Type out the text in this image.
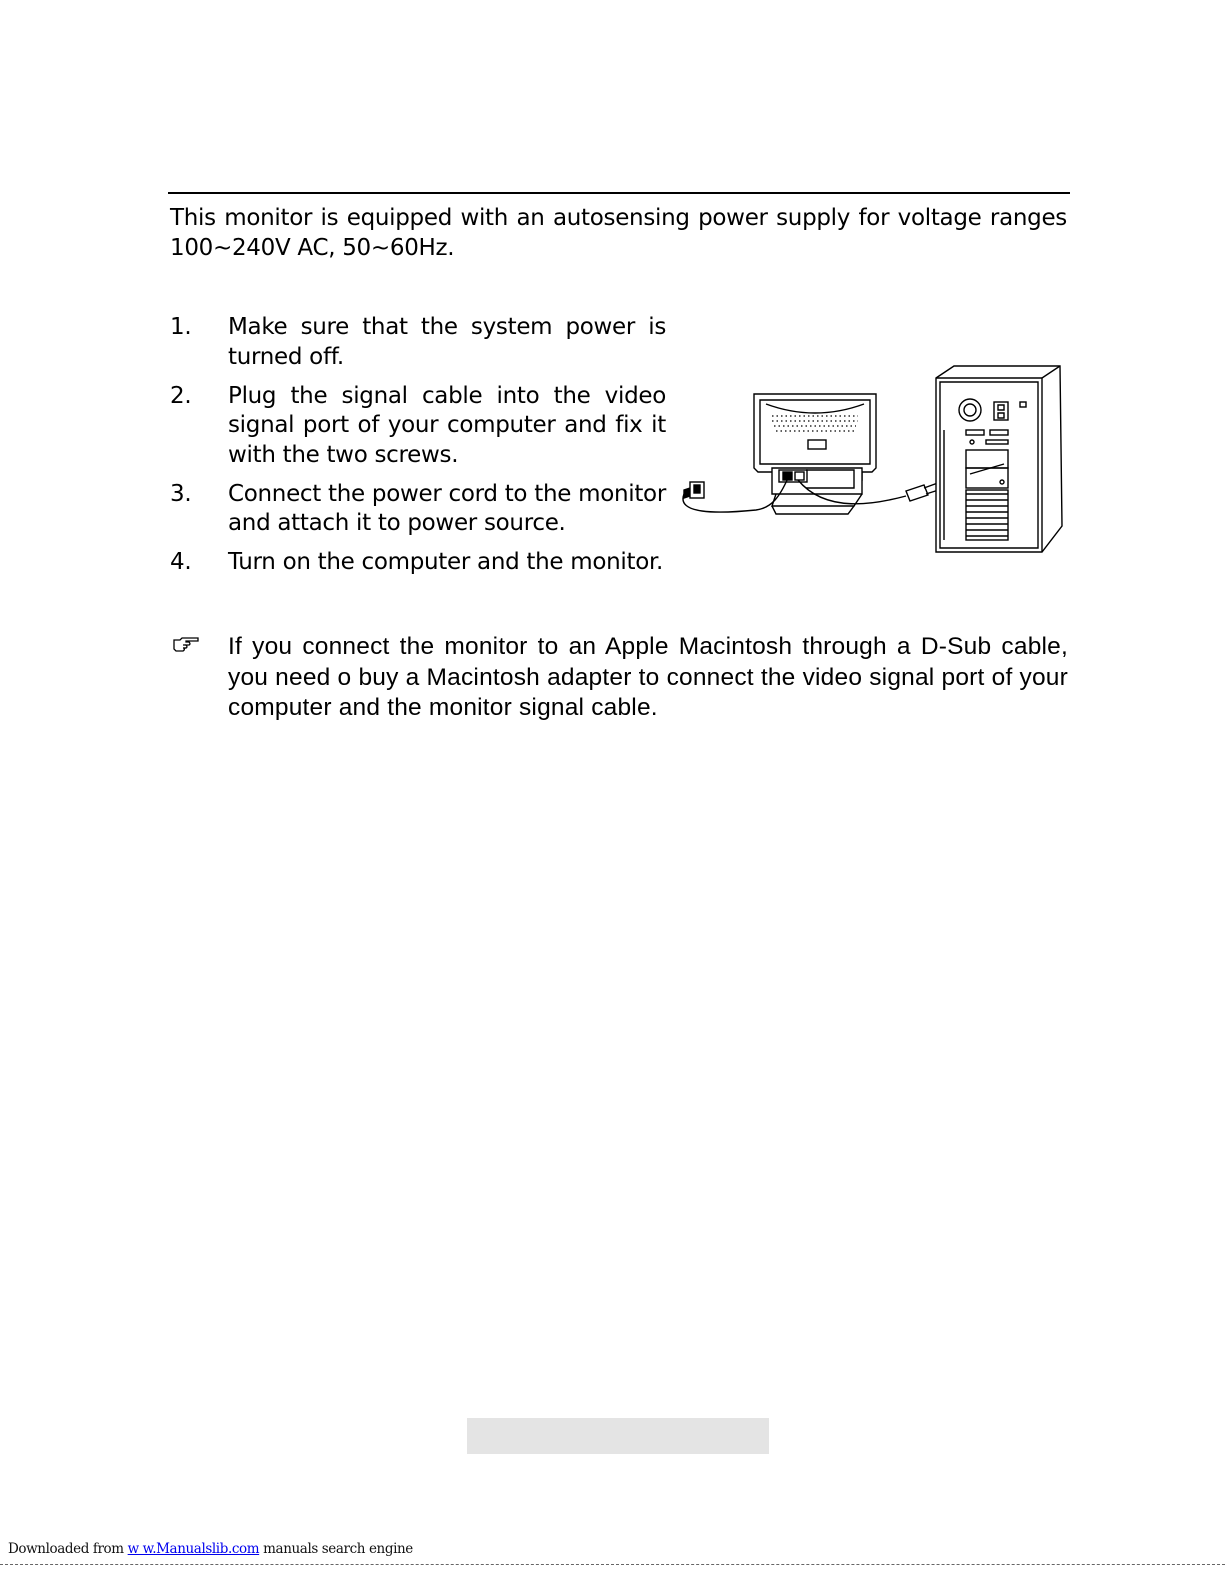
This monitor is equipped with an autosensing power supply for voltage ranges 100~240V AC, 50~60Hz.
1.	Make sure that the system power is turned off.
2.	Plug the signal cable into the video signal port of your computer and fix it with the two screws.
3.	Connect the power cord to the monitor and attach it to power source.
4.	Turn on the computer and the monitor.
If you connect the monitor to an Apple Macintosh through a D-Sub cable, you need o buy a Macintosh adapter to connect the video signal port of your computer and the monitor signal cable.
Downloaded from w w.Manualslib.com manuals search engine
